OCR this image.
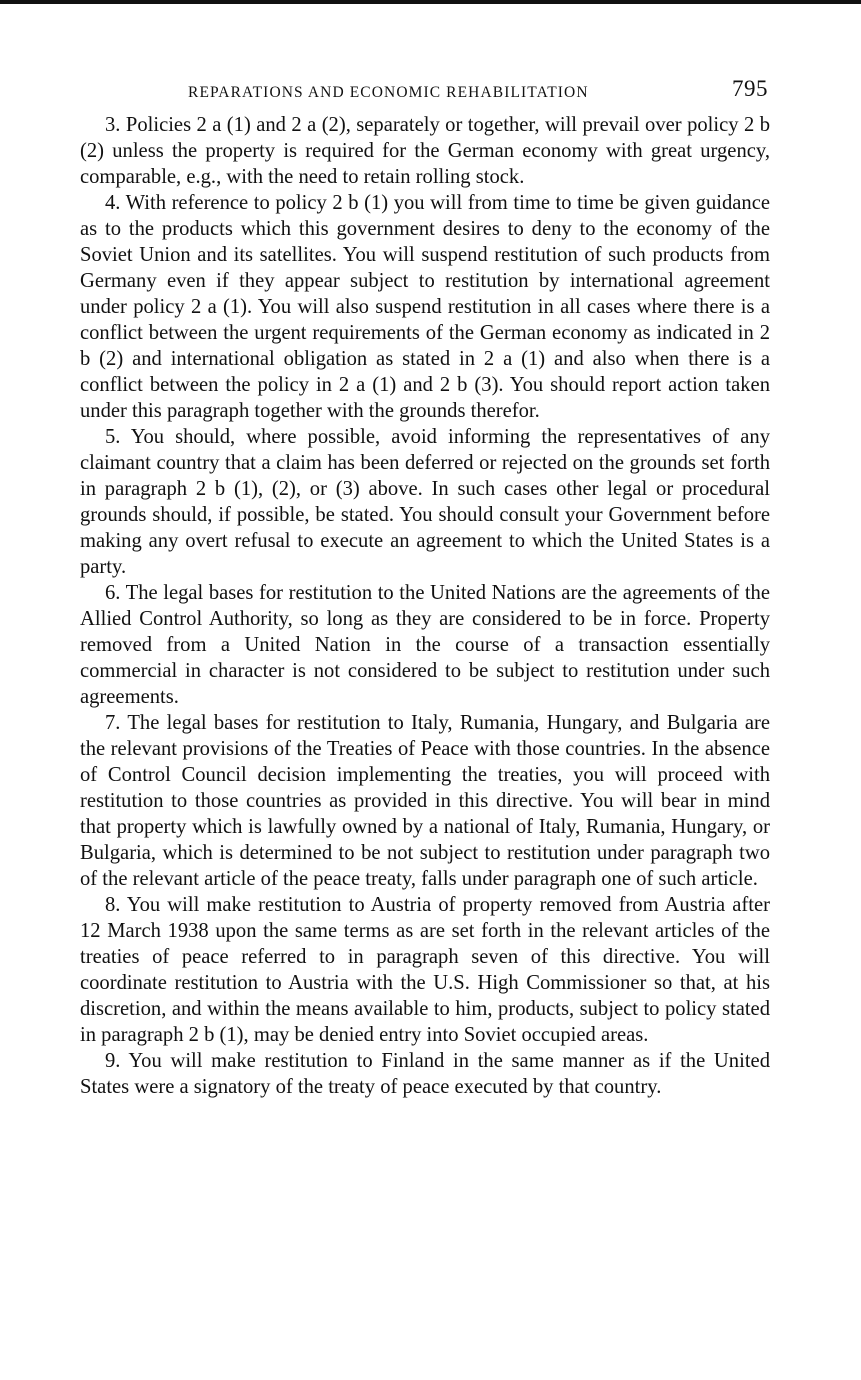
REPARATIONS AND ECONOMIC REHABILITATION	795

3. Policies 2 a (1) and 2 a (2), separately or together, will prevail over policy 2 b (2) unless the property is required for the German economy with great urgency, comparable, e.g., with the need to retain rolling stock.

4. With reference to policy 2 b (1) you will from time to time be given guidance as to the products which this government desires to deny to the economy of the Soviet Union and its satellites. You will suspend restitution of such products from Germany even if they appear subject to restitution by international agreement under policy 2 a (1). You will also suspend restitution in all cases where there is a conflict between the urgent requirements of the German economy as indicated in 2 b (2) and international obligation as stated in 2 a (1) and also when there is a conflict between the policy in 2 a (1) and 2 b (3). You should report action taken under this paragraph together with the grounds therefor.

5. You should, where possible, avoid informing the representatives of any claimant country that a claim has been deferred or rejected on the grounds set forth in paragraph 2 b (1), (2), or (3) above. In such cases other legal or procedural grounds should, if possible, be stated. You should consult your Government before making any overt refusal to execute an agreement to which the United States is a party.

6. The legal bases for restitution to the United Nations are the agreements of the Allied Control Authority, so long as they are considered to be in force. Property removed from a United Nation in the course of a transaction essentially commercial in character is not considered to be subject to restitution under such agreements.

7. The legal bases for restitution to Italy, Rumania, Hungary, and Bulgaria are the relevant provisions of the Treaties of Peace with those countries. In the absence of Control Council decision implementing the treaties, you will proceed with restitution to those countries as provided in this directive. You will bear in mind that property which is lawfully owned by a national of Italy, Rumania, Hungary, or Bulgaria, which is determined to be not subject to restitution under paragraph two of the relevant article of the peace treaty, falls under paragraph one of such article.

8. You will make restitution to Austria of property removed from Austria after 12 March 1938 upon the same terms as are set forth in the relevant articles of the treaties of peace referred to in paragraph seven of this directive. You will coordinate restitution to Austria with the U.S. High Commissioner so that, at his discretion, and within the means available to him, products, subject to policy stated in paragraph 2 b (1), may be denied entry into Soviet occupied areas.

9. You will make restitution to Finland in the same manner as if the United States were a signatory of the treaty of peace executed by that country.
